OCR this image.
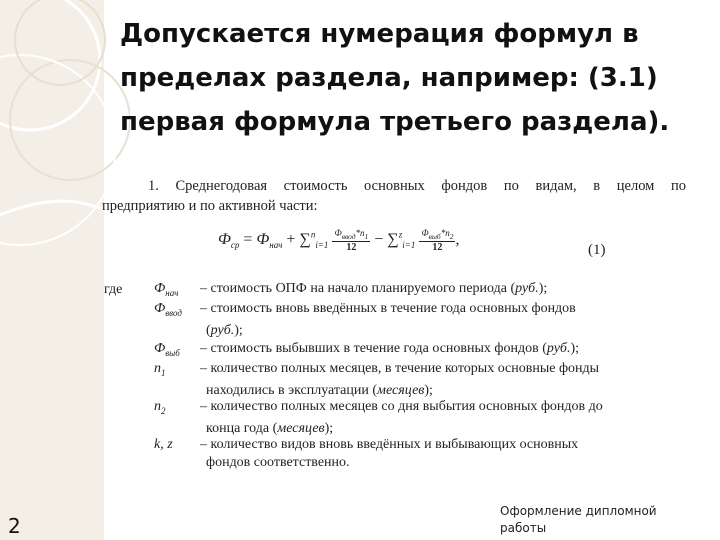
Допускается нумерация формул в
пределах раздела, например: (3.1)
первая формула третьего раздела).
1. Среднегодовая стоимость основных фондов по видам, в целом по
предприятию и по активной части:
$Ф_{ср} = Ф_{нач} + \sum^n_{i=1} \frac{Ф_{ввод}*n_1}{12} - \sum^z_{i=1} \frac{Ф_{выб}*n_2}{12}$ ,
(1)
где $Ф_{нач}$ – стоимость ОПФ на начало планируемого периода (руб.);
$Ф_{ввод}$ – стоимость вновь введённых в течение года основных фондов
(руб.);
$Ф_{выб}$ – стоимость выбывших в течение года основных фондов (руб.);
$n_1$ – количество полных месяцев, в течение которых основные фонды
находились в эксплуатации (месяцев);
$n_2$ – количество полных месяцев со дня выбытия основных фондов до
конца года (месяцев);
k, z – количество видов вновь введённых и выбывающих основных
фондов соответственно.
Оформление дипломной
работы
2
